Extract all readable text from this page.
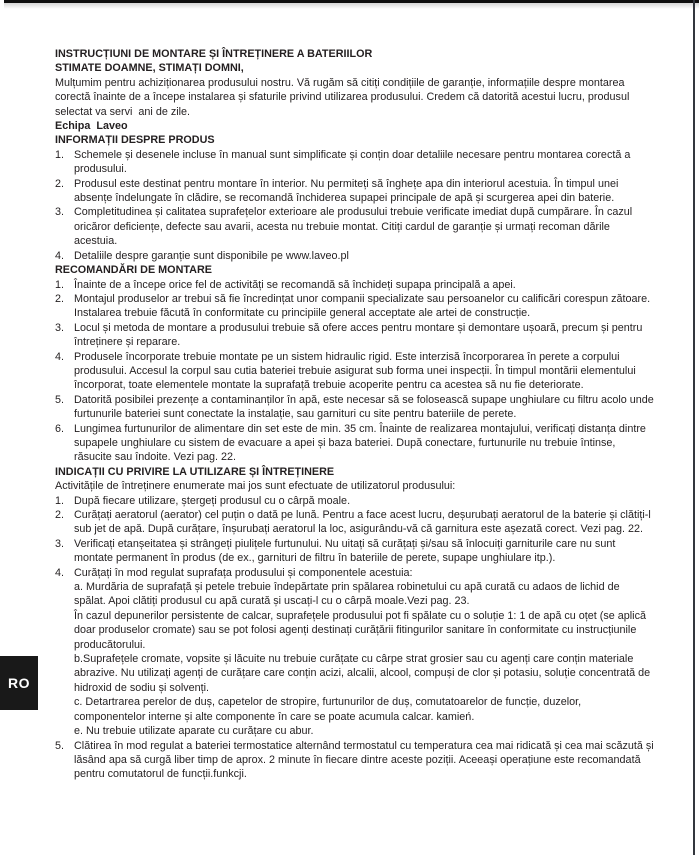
RO
INSTRUCȚIUNI DE MONTARE ȘI ÎNTREȚINERE A BATERIILOR
STIMATE DOAMNE, STIMAȚI DOMNI,
Mulțumim pentru achiziționarea produsului nostru. Vă rugăm să citiți condițiile de garanție, informațiile despre montarea corectă înainte de a începe instalarea și sfaturile privind utilizarea produsului. Credem că datorită acestui lucru, produsul selectat va servi  ani de zile.
Echipa  Laveo
INFORMAȚII DESPRE PRODUS
1. Schemele și desenele incluse în manual sunt simplificate și conțin doar detaliile necesare pentru montarea corectă a produsului.
2. Produsul este destinat pentru montare în interior. Nu permiteți să înghețe apa din interiorul acestuia. În timpul unei absențe îndelungate în clădire, se recomandă închiderea supapei principale de apă și scurgerea apei din baterie.
3. Completitudinea și calitatea suprafețelor exterioare ale produsului trebuie verificate imediat după cumpărare. În cazul oricăror deficiențe, defecte sau avarii, acesta nu trebuie montat. Citiți cardul de garanție și urmați recoman dările acestuia.
4. Detaliile despre garanție sunt disponibile pe www.laveo.pl
RECOMANDĂRI DE MONTARE
1. Înainte de a începe orice fel de activități se recomandă să închideți supapa principală a apei.
2. Montajul produselor ar trebui să fie încredințat unor companii specializate sau persoanelor cu calificări corespun zătoare. Instalarea trebuie făcută în conformitate cu principiile general acceptate ale artei de construcție.
3. Locul și metoda de montare a produsului trebuie să ofere acces pentru montare și demontare ușoară, precum și pentru întreținere și reparare.
4. Produsele încorporate trebuie montate pe un sistem hidraulic rigid. Este interzisă încorporarea în perete a corpului produsului. Accesul la corpul sau cutia bateriei trebuie asigurat sub forma unei inspecții. În timpul montării elementului încorporat, toate elementele montate la suprafață trebuie acoperite pentru ca acestea să nu fie deteriorate.
5. Datorită posibilei prezențe a contaminanților în apă, este necesar să se folosească supape unghiulare cu filtru acolo unde furtunurile bateriei sunt conectate la instalație, sau garnituri cu site pentru bateriile de perete.
6. Lungimea furtunurilor de alimentare din set este de min. 35 cm. Înainte de realizarea montajului, verificați distanța dintre supapele unghiulare cu sistem de evacuare a apei și baza bateriei. După conectare, furtunurile nu trebuie întinse, răsucite sau îndoite. Vezi pag. 22.
INDICAȚII CU PRIVIRE LA UTILIZARE ȘI ÎNTREȚINERE
Activitățile de întreținere enumerate mai jos sunt efectuate de utilizatorul produsului:
1. După fiecare utilizare, ștergeți produsul cu o cârpă moale.
2. Curățați aeratorul (aerator) cel puțin o dată pe lună. Pentru a face acest lucru, deșurubați aeratorul de la baterie și clătiți-l sub jet de apă. După curățare, înșurubați aeratorul la loc, asigurându-vă că garnitura este așezată corect. Vezi pag. 22.
3. Verificați etanșeitatea și strângeți piulițele furtunului. Nu uitați să curățați și/sau să înlocuiți garniturile care nu sunt montate permanent în produs (de ex., garnituri de filtru în bateriile de perete, supape unghiulare itp.).
4. Curățați în mod regulat suprafața produsului și componentele acestuia:
a. Murdăria de suprafață și petele trebuie îndepărtate prin spălarea robinetului cu apă curată cu adaos de lichid de spălat. Apoi clătiți produsul cu apă curată și uscați-l cu o cârpă moale.Vezi pag. 23.
În cazul depunerilor persistente de calcar, suprafețele produsului pot fi spălate cu o soluție 1: 1 de apă cu oțet (se aplică doar produselor cromate) sau se pot folosi agenți destinați curățării fitingurilor sanitare în conformitate cu instrucțiunile producătorului.
b.Suprafețele cromate, vopsite și lăcuite nu trebuie curățate cu cârpe strat grosier sau cu agenți care conțin materiale abrazive. Nu utilizați agenți de curățare care conțin acizi, alcalii, alcool, compuși de clor și potasiu, soluție concentrată de hidroxid de sodiu și solvenți.
c. Detartrarea perelor de duș, capetelor de stropire, furtunurilor de duș, comutatoarelor de funcție, duzelor, componentelor interne și alte componente în care se poate acumula calcar. kamień.
e. Nu trebuie utilizate aparate cu curățare cu abur.
5. Clătirea în mod regulat a bateriei termostatice alternând termostatul cu temperatura cea mai ridicată și cea mai scăzută și lăsând apa să curgă liber timp de aprox. 2 minute în fiecare dintre aceste poziții. Aceeași operațiune este recomandată pentru comutatorul de funcții.funkcji.
